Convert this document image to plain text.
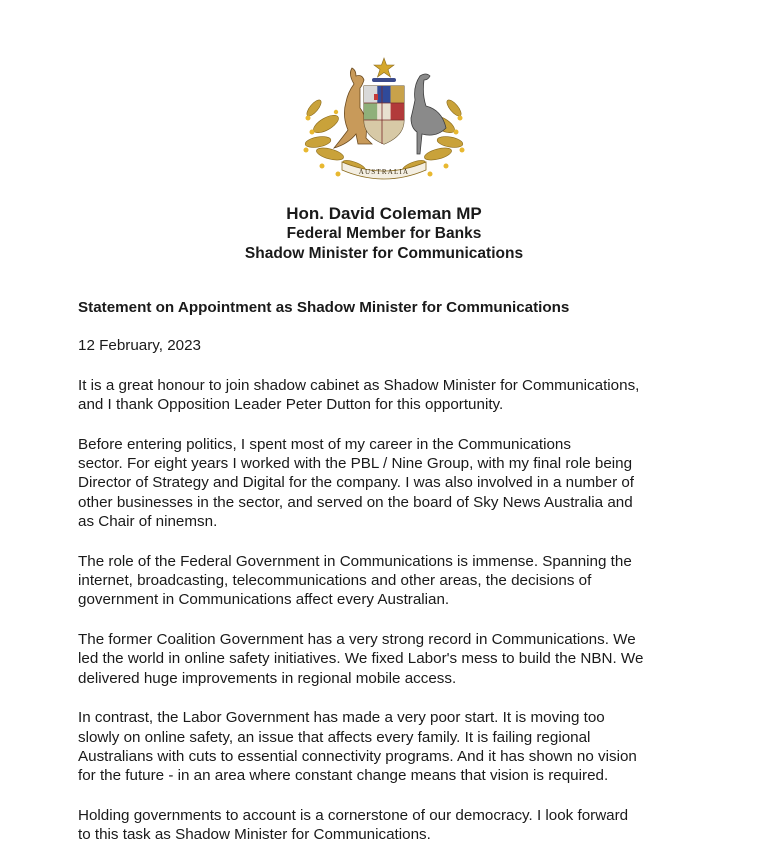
AUSTRALIA
Hon. David Coleman MP
Federal Member for Banks
Shadow Minister for Communications
Statement on Appointment as Shadow Minister for Communications
12 February, 2023
It is a great honour to join shadow cabinet as Shadow Minister for Communications,
and I thank Opposition Leader Peter Dutton for this opportunity.
Before entering politics, I spent most of my career in the Communications
sector. For eight years I worked with the PBL / Nine Group, with my final role being
Director of Strategy and Digital for the company. I was also involved in a number of
other businesses in the sector, and served on the board of Sky News Australia and
as Chair of ninemsn.
The role of the Federal Government in Communications is immense. Spanning the
internet, broadcasting, telecommunications and other areas, the decisions of
government in Communications affect every Australian.
The former Coalition Government has a very strong record in Communications. We
led the world in online safety initiatives. We fixed Labor's mess to build the NBN. We
delivered huge improvements in regional mobile access.
In contrast, the Labor Government has made a very poor start. It is moving too
slowly on online safety, an issue that affects every family. It is failing regional
Australians with cuts to essential connectivity programs. And it has shown no vision
for the future - in an area where constant change means that vision is required.
Holding governments to account is a cornerstone of our democracy. I look forward
to this task as Shadow Minister for Communications.
